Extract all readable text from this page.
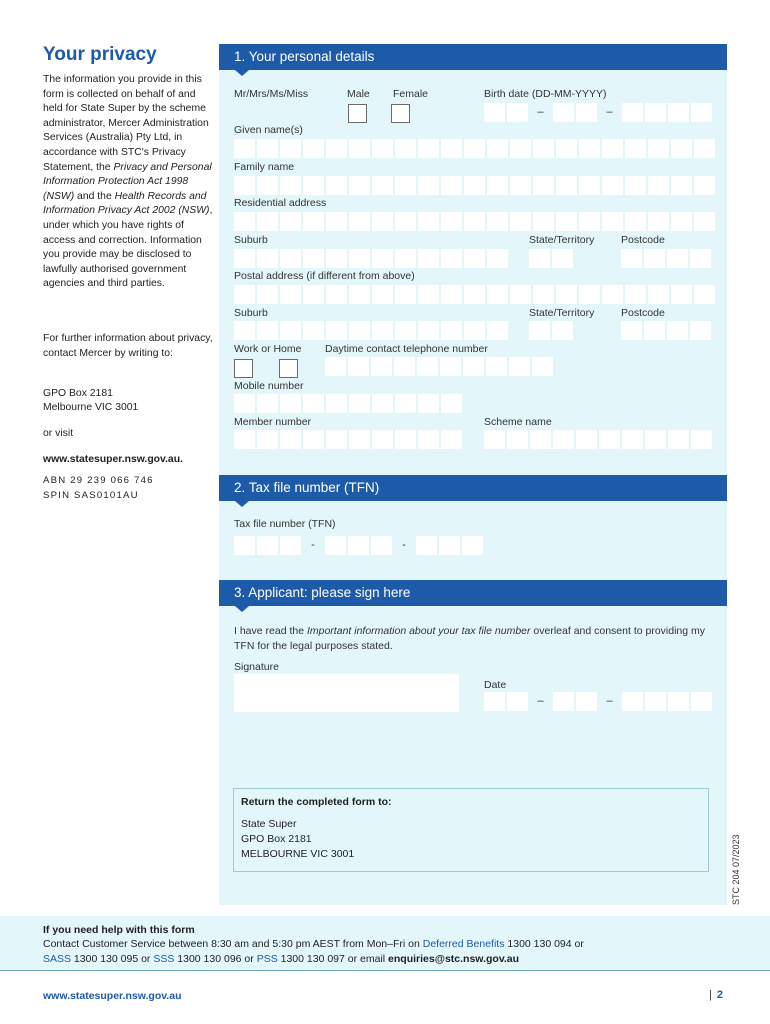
Your privacy
The information you provide in this form is collected on behalf of and held for State Super by the scheme administrator, Mercer Administration Services (Australia) Pty Ltd, in accordance with STC's Privacy Statement, the Privacy and Personal Information Protection Act 1998 (NSW) and the Health Records and Information Privacy Act 2002 (NSW), under which you have rights of access and correction. Information you provide may be disclosed to lawfully authorised government agencies and third parties.
For further information about privacy, contact Mercer by writing to:
GPO Box 2181
Melbourne VIC 3001
or visit
www.statesuper.nsw.gov.au.
ABN 29 239 066 746
SPIN SAS0101AU
1. Your personal details
Mr/Mrs/Ms/Miss	Male Female	Birth date (DD-MM-YYYY)
–	–
Given name(s)
Family name
Residential address
Suburb	State/Territory	Postcode
Postal address (if different from above)
Suburb	State/Territory	Postcode
Work or Home Daytime contact telephone number
Mobile number
Member number	Scheme name
2. Tax file number (TFN)
Tax file number (TFN)
-	-
3. Applicant: please sign here
I have read the Important information about your tax file number overleaf and consent to providing my TFN for the legal purposes stated.
Signature
Date
–	–
Return the completed form to:
State Super
GPO Box 2181
MELBOURNE VIC 3001	STC 204 07/2023
If you need help with this form
Contact Customer Service between 8:30 am and 5:30 pm AEST from Mon–Fri on Deferred Benefits 1300 130 094 or
SASS 1300 130 095 or SSS 1300 130 096 or PSS 1300 130 097 or email enquiries@stc.nsw.gov.au
www.statesuper.nsw.gov.au	| 2
